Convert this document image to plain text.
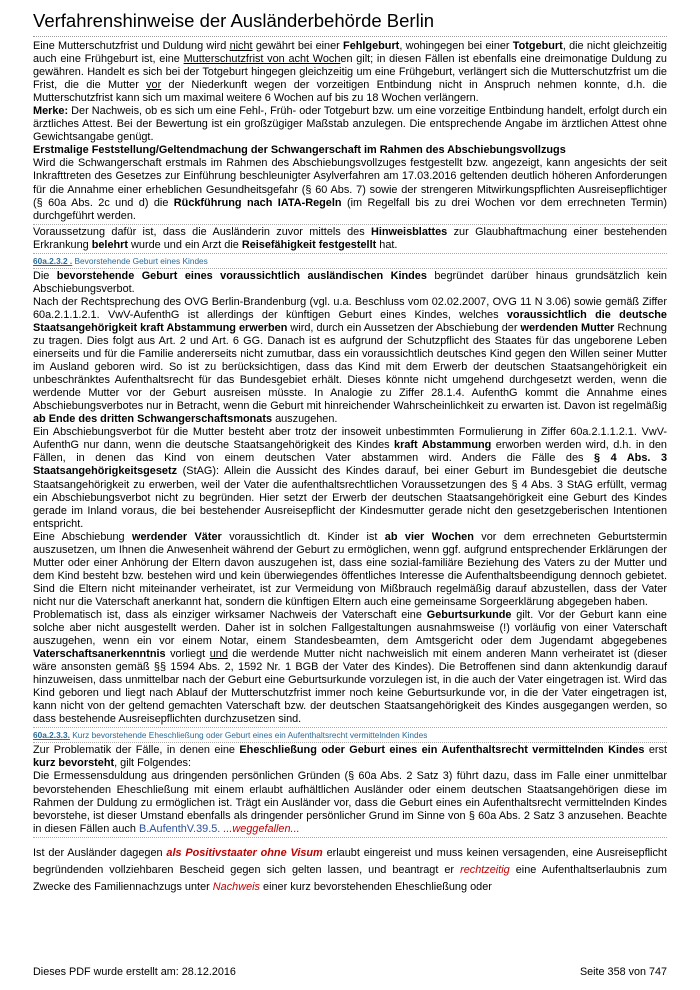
Verfahrenshinweise der Ausländerbehörde Berlin

Eine Mutterschutzfrist und Duldung wird nicht gewährt bei einer Fehlgeburt, wohingegen bei einer Totgeburt, die nicht gleichzeitig auch eine Frühgeburt ist, eine Mutterschutzfrist von acht Wochen gilt; in diesen Fällen ist ebenfalls eine dreimonatige Duldung zu gewähren. Handelt es sich bei der Totgeburt hingegen gleichzeitig um eine Frühgeburt, verlängert sich die Mutterschutzfrist um die Frist, die die Mutter vor der Niederkunft wegen der vorzeitigen Entbindung nicht in Anspruch nehmen konnte, d.h. die Mutterschutzfrist kann sich um maximal weitere 6 Wochen auf bis zu 18 Wochen verlängern.

Merke: Der Nachweis, ob es sich um eine Fehl-, Früh- oder Totgeburt bzw. um eine vorzeitige Entbindung handelt, erfolgt durch ein ärztliches Attest. Bei der Bewertung ist ein großzügiger Maßstab anzulegen. Die entsprechende Angabe im ärztlichen Attest ohne Gewichtsangabe genügt.

Erstmalige Feststellung/Geltendmachung der Schwangerschaft im Rahmen des Abschiebungsvollzugs

Wird die Schwangerschaft erstmals im Rahmen des Abschiebungsvollzuges festgestellt bzw. angezeigt, kann angesichts der seit Inkrafttreten des Gesetzes zur Einführung beschleunigter Asylverfahren am 17.03.2016 geltenden deutlich höheren Anforderungen für die Annahme einer erheblichen Gesundheitsgefahr (§ 60 Abs. 7) sowie der strengeren Mitwirkungspflichten Ausreisepflichtiger (§ 60a Abs. 2c und d) die Rückführung nach IATA-Regeln (im Regelfall bis zu drei Wochen vor dem errechneten Termin) durchgeführt werden.

Voraussetzung dafür ist, dass die Ausländerin zuvor mittels des Hinweisblattes zur Glaubhaftmachung einer bestehenden Erkrankung belehrt wurde und ein Arzt die Reisefähigkeit festgestellt hat.

60a.2.3.2 . Bevorstehende Geburt eines Kindes

Die bevorstehende Geburt eines voraussichtlich ausländischen Kindes begründet darüber hinaus grundsätzlich kein Abschiebungsverbot.

Nach der Rechtsprechung des OVG Berlin-Brandenburg (vgl. u.a. Beschluss vom 02.02.2007, OVG 11 N 3.06) sowie gemäß Ziffer 60a.2.1.1.2.1. VwV-AufenthG ist allerdings der künftigen Geburt eines Kindes, welches voraussichtlich die deutsche Staatsangehörigkeit kraft Abstammung erwerben wird, durch ein Aussetzen der Abschiebung der werdenden Mutter Rechnung zu tragen. Dies folgt aus Art. 2 und Art. 6 GG. Danach ist es aufgrund der Schutzpflicht des Staates für das ungeborene Leben einerseits und für die Familie andererseits nicht zumutbar, dass ein voraussichtlich deutsches Kind gegen den Willen seiner Mutter im Ausland geboren wird. So ist zu berücksichtigen, dass das Kind mit dem Erwerb der deutschen Staatsangehörigkeit ein unbeschränktes Aufenthaltsrecht für das Bundesgebiet erhält. Dieses könnte nicht umgehend durchgesetzt werden, wenn die werdende Mutter vor der Geburt ausreisen müsste. In Analogie zu Ziffer 28.1.4. AufenthG kommt die Annahme eines Abschiebungsverbotes nur in Betracht, wenn die Geburt mit hinreichender Wahrscheinlichkeit zu erwarten ist. Davon ist regelmäßig ab Ende des dritten Schwangerschaftsmonats auszugehen.

Ein Abschiebungsverbot für die Mutter besteht aber trotz der insoweit unbestimmten Formulierung in Ziffer 60a.2.1.1.2.1. VwV-AufenthG nur dann, wenn die deutsche Staatsangehörigkeit des Kindes kraft Abstammung erworben werden wird, d.h. in den Fällen, in denen das Kind von einem deutschen Vater abstammen wird. Anders die Fälle des § 4 Abs. 3 Staatsangehörigkeitsgesetz (StAG): Allein die Aussicht des Kindes darauf, bei einer Geburt im Bundesgebiet die deutsche Staatsangehörigkeit zu erwerben, weil der Vater die aufenthaltsrechtlichen Voraussetzungen des § 4 Abs. 3 StAG erfüllt, vermag ein Abschiebungsverbot nicht zu begründen. Hier setzt der Erwerb der deutschen Staatsangehörigkeit eine Geburt des Kindes gerade im Inland voraus, die bei bestehender Ausreisepflicht der Kindesmutter gerade nicht den gesetzgeberischen Intentionen entspricht.

Eine Abschiebung werdender Väter voraussichtlich dt. Kinder ist ab vier Wochen vor dem errechneten Geburtstermin auszusetzen, um Ihnen die Anwesenheit während der Geburt zu ermöglichen, wenn ggf. aufgrund entsprechender Erklärungen der Mutter oder einer Anhörung der Eltern davon auszugehen ist, dass eine sozial-familiäre Beziehung des Vaters zu der Mutter und dem Kind besteht bzw. bestehen wird und kein überwiegendes öffentliches Interesse die Aufenthaltsbeendigung dennoch gebietet. Sind die Eltern nicht miteinander verheiratet, ist zur Vermeidung von Mißbrauch regelmäßig darauf abzustellen, dass der Vater nicht nur die Vaterschaft anerkannt hat, sondern die künftigen Eltern auch eine gemeinsame Sorgeerklärung abgegeben haben.

Problematisch ist, dass als einziger wirksamer Nachweis der Vaterschaft eine Geburtsurkunde gilt. Vor der Geburt kann eine solche aber nicht ausgestellt werden. Daher ist in solchen Fallgestaltungen ausnahmsweise (!) vorläufig von einer Vaterschaft auszugehen, wenn ein vor einem Notar, einem Standesbeamten, dem Amtsgericht oder dem Jugendamt abgegebenes Vaterschaftsanerkenntnis vorliegt und die werdende Mutter nicht nachweislich mit einem anderen Mann verheiratet ist (dieser wäre ansonsten gemäß §§ 1594 Abs. 2, 1592 Nr. 1 BGB der Vater des Kindes). Die Betroffenen sind dann aktenkundig darauf hinzuweisen, dass unmittelbar nach der Geburt eine Geburtsurkunde vorzulegen ist, in die auch der Vater eingetragen ist. Wird das Kind geboren und liegt nach Ablauf der Mutterschutzfrist immer noch keine Geburtsurkunde vor, in die der Vater eingetragen ist, kann nicht von der geltend gemachten Vaterschaft bzw. der deutschen Staatsangehörigkeit des Kindes ausgegangen werden, so dass bestehende Ausreisepflichten durchzusetzen sind.

60a.2.3.3. Kurz bevorstehende Eheschließung oder Geburt eines ein Aufenthaltsrecht vermittelnden Kindes

Zur Problematik der Fälle, in denen eine Eheschließung oder Geburt eines ein Aufenthaltsrecht vermittelnden Kindes erst kurz bevorsteht, gilt Folgendes:

Die Ermessensduldung aus dringenden persönlichen Gründen (§ 60a Abs. 2 Satz 3) führt dazu, dass im Falle einer unmittelbar bevorstehenden Eheschließung mit einem erlaubt aufhältlichen Ausländer oder einem deutschen Staatsangehörigen diese im Rahmen der Duldung zu ermöglichen ist. Trägt ein Ausländer vor, dass die Geburt eines ein Aufenthaltsrecht vermittelnden Kindes bevorstehe, ist dieser Umstand ebenfalls als dringender persönlicher Grund im Sinne von § 60a Abs. 2 Satz 3 anzusehen. Beachte in diesen Fällen auch B.AufenthV.39.5. ...weggefallen...

Ist der Ausländer dagegen als Positivstaater ohne Visum erlaubt eingereist und muss keinen versagenden, eine Ausreisepflicht begründenden vollziehbaren Bescheid gegen sich gelten lassen, und beantragt er rechtzeitig eine Aufenthaltserlaubnis zum Zwecke des Familiennachzugs unter Nachweis einer kurz bevorstehenden Eheschließung oder

Dieses PDF wurde erstellt am: 28.12.2016	Seite 358 von 747
